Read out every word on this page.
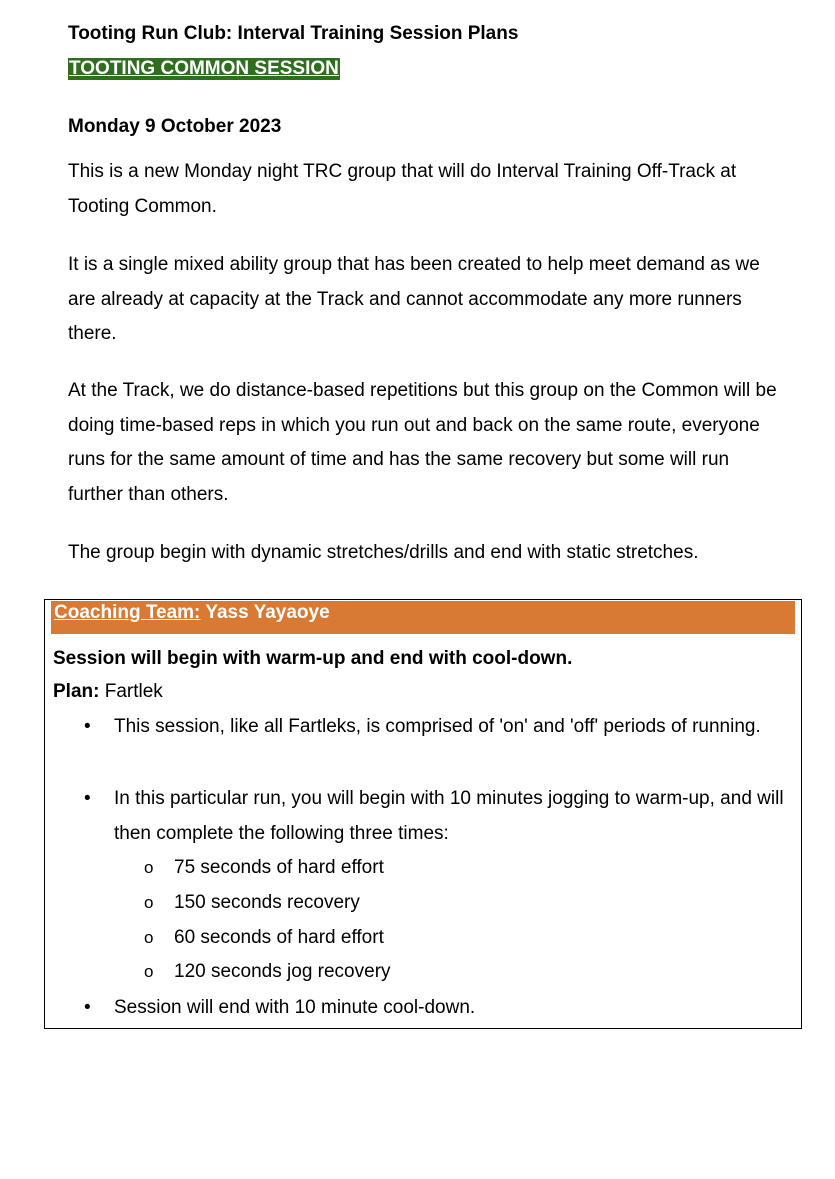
Tooting Run Club: Interval Training Session Plans
TOOTING COMMON SESSION
Monday 9 October 2023

This is a new Monday night TRC group that will do Interval Training Off-Track at Tooting Common.

It is a single mixed ability group that has been created to help meet demand as we are already at capacity at the Track and cannot accommodate any more runners there.

At the Track, we do distance-based repetitions but this group on the Common will be doing time-based reps in which you run out and back on the same route, everyone runs for the same amount of time and has the same recovery but some will run further than others.

The group begin with dynamic stretches/drills and end with static stretches.

Coaching Team: Yass Yayaoye
Session will begin with warm-up and end with cool-down.
Plan: Fartlek
• This session, like all Fartleks, is comprised of 'on' and 'off' periods of running.
• In this particular run, you will begin with 10 minutes jogging to warm-up, and will then complete the following three times:
o 75 seconds of hard effort
o 150 seconds recovery
o 60 seconds of hard effort
o 120 seconds jog recovery
• Session will end with 10 minute cool-down.
